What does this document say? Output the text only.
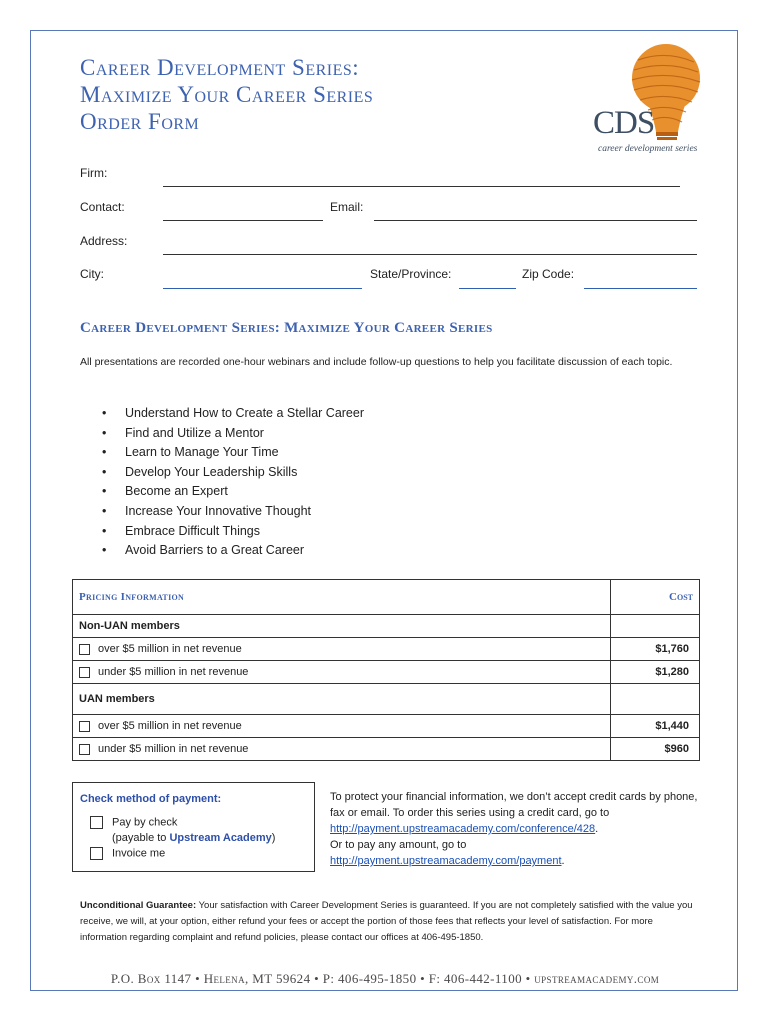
Career Development Series:
Maximize Your Career Series
Order Form	CDS
career development series
Firm:
Contact:	Email:
Address:
City:	State/Province:	Zip Code:
Career Development Series: Maximize Your Career Series
All presentations are recorded one-hour webinars and include follow-up questions to help you facilitate discussion of each topic.
• Understand How to Create a Stellar Career
• Find and Utilize a Mentor
• Learn to Manage Your Time
• Develop Your Leadership Skills
• Become an Expert
• Increase Your Innovative Thought
• Embrace Difficult Things
• Avoid Barriers to a Great Career
Pricing Information	Cost
Non-UAN members	

over $5 million in net revenue	$1,760

under $5 million in net revenue	$1,280
UAN members	

over $5 million in net revenue	$1,440

under $5 million in net revenue	$960
Check method of payment:
Pay by check
(payable to Upstream Academy)
Invoice me
To protect your financial information, we don’t accept credit cards by phone, fax or email. To order this series using a credit card, go to
http://payment.upstreamacademy.com/conference/428.
Or to pay any amount, go to
http://payment.upstreamacademy.com/payment.
Unconditional Guarantee: Your satisfaction with Career Development Series is guaranteed. If you are not completely satisfied with the value you receive, we will, at your option, either refund your fees or accept the portion of those fees that reflects your level of satisfaction. For more information regarding complaint and refund policies, please contact our offices at 406-495-1850.
P.O. Box 1147 • Helena, MT 59624 • P: 406-495-1850 • F: 406-442-1100 • upstreamacademy.com
